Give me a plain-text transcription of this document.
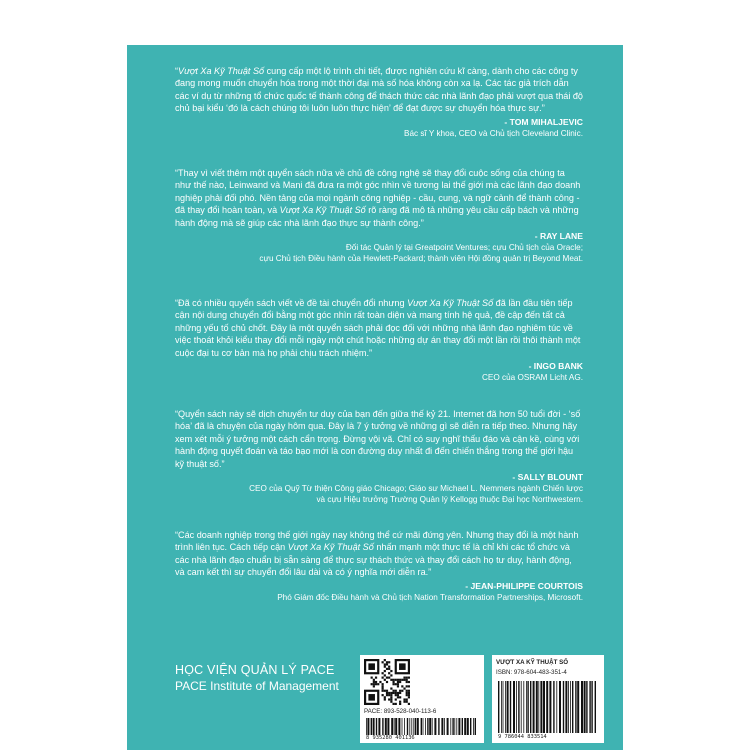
“Vượt Xa Kỹ Thuật Số cung cấp một lộ trình chi tiết, được nghiên cứu kĩ càng, dành cho các công ty đang mong muốn chuyển hóa trong một thời đại mà số hóa không còn xa lạ. Các tác giả trích dẫn các ví dụ từ những tổ chức quốc tế thành công để thách thức các nhà lãnh đạo phải vượt qua thái độ chủ bại kiểu ‘đó là cách chúng tôi luôn luôn thực hiện’ để đạt được sự chuyển hóa thực sự.”

- TOM MIHALJEVIC

Bác sĩ Y khoa, CEO và Chủ tịch Cleveland Clinic.

“Thay vì viết thêm một quyển sách nữa về chủ đề công nghệ sẽ thay đổi cuộc sống của chúng ta như thế nào, Leinwand và Mani đã đưa ra một góc nhìn về tương lai thế giới mà các lãnh đạo doanh nghiệp phải đối phó. Nền tảng của mọi ngành công nghiệp - cầu, cung, và ngữ cảnh để thành công - đã thay đổi hoàn toàn, và Vượt Xa Kỹ Thuật Số rõ ràng đã mô tả những yêu cầu cấp bách và những hành động mà sẽ giúp các nhà lãnh đạo thực sự thành công.”

- RAY LANE

Đối tác Quản lý tại Greatpoint Ventures; cựu Chủ tịch của Oracle;

cựu Chủ tịch Điều hành của Hewlett-Packard; thành viên Hội đồng quản trị Beyond Meat.

“Đã có nhiều quyển sách viết về đề tài chuyển đổi nhưng Vượt Xa Kỹ Thuật Số đã lần đầu tiên tiếp cận nội dung chuyển đổi bằng một góc nhìn rất toàn diện và mang tính hệ quả, đề cập đến tất cả những yếu tố chủ chốt. Đây là một quyển sách phải đọc đối với những nhà lãnh đạo nghiêm túc về việc thoát khỏi kiểu thay đổi mỗi ngày một chút hoặc những dự án thay đổi một lần rồi thôi thành một cuộc đại tu cơ bản mà họ phải chịu trách nhiệm.”

- INGO BANK

CEO của OSRAM Licht AG.

“Quyển sách này sẽ dịch chuyển tư duy của bạn đến giữa thế kỷ 21. Internet đã hơn 50 tuổi đời - ‘số hóa’ đã là chuyện của ngày hôm qua. Đây là 7 ý tưởng về những gì sẽ diễn ra tiếp theo. Nhưng hãy xem xét mỗi ý tưởng một cách cẩn trọng. Đừng vội vã. Chỉ có suy nghĩ thấu đáo và cận kề, cùng với hành động quyết đoán và táo bạo mới là con đường duy nhất đi đến chiến thắng trong thế giới hậu kỹ thuật số.”

- SALLY BLOUNT

CEO của Quỹ Từ thiện Công giáo Chicago; Giáo sư Michael L. Nemmers ngành Chiến lược

và cựu Hiệu trưởng Trường Quản lý Kellogg thuộc Đại học Northwestern.

“Các doanh nghiệp trong thế giới ngày nay không thể cứ mãi đứng yên. Nhưng thay đổi là một hành trình liên tục. Cách tiếp cận Vượt Xa Kỹ Thuật Số nhấn mạnh một thực tế là chỉ khi các tổ chức và các nhà lãnh đạo chuẩn bị sẵn sàng để thực sự thách thức và thay đổi cách họ tư duy, hành động, và cam kết thì sự chuyển đổi lâu dài và có ý nghĩa mới diễn ra.”

- JEAN-PHILIPPE COURTOIS

Phó Giám đốc Điều hành và Chủ tịch Nation Transformation Partnerships, Microsoft.

HỌC VIỆN QUẢN LÝ PACE
PACE Institute of Management
PACE: 893-528-040-113-6
8 935280 401136
VƯỢT XA KỸ THUẬT SỐ
ISBN: 978-604-483-351-4
9 786044 833514
